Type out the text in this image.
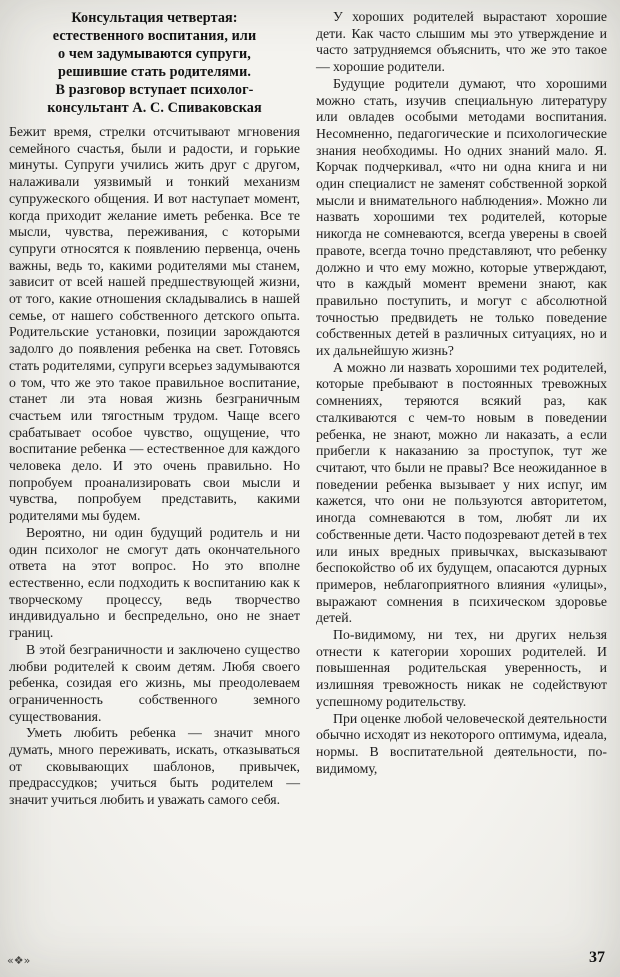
Консультация четвертая:
естественного воспитания, или
о чем задумываются супруги,
решившие стать родителями.
В разговор вступает психолог-
консультант А. С. Спиваковская

Бежит время, стрелки отсчитывают мгновения семейного счастья, были и радости, и горькие минуты. Супруги учились жить друг с другом, налаживали уязвимый и тонкий механизм супружеского общения. И вот наступает момент, когда приходит желание иметь ребенка. Все те мысли, чувства, переживания, с которыми супруги относятся к появлению первенца, очень важны, ведь то, какими родителями мы станем, зависит от всей нашей предшествующей жизни, от того, какие отношения складывались в нашей семье, от нашего собственного детского опыта. Родительские установки, позиции зарождаются задолго до появления ребенка на свет. Готовясь стать родителями, супруги всерьез задумываются о том, что же это такое правильное воспитание, станет ли эта новая жизнь безграничным счастьем или тягостным трудом. Чаще всего срабатывает особое чувство, ощущение, что воспитание ребенка — естественное для каждого человека дело. И это очень правильно. Но попробуем проанализировать свои мысли и чувства, попробуем представить, какими родителями мы будем.

Вероятно, ни один будущий родитель и ни один психолог не смогут дать окончательного ответа на этот вопрос. Но это вполне естественно, если подходить к воспитанию как к творческому процессу, ведь творчество индивидуально и беспредельно, оно не знает границ.

В этой безграничности и заключено существо любви родителей к своим детям. Любя своего ребенка, созидая его жизнь, мы преодолеваем ограниченность собственного земного существования.

Уметь любить ребенка — значит много думать, много переживать, искать, отказываться от сковывающих шаблонов, привычек, предрассудков; учиться быть родителем — значит учиться любить и уважать самого себя.

У хороших родителей вырастают хорошие дети. Как часто слышим мы это утверждение и часто затрудняемся объяснить, что же это такое — хорошие родители.

Будущие родители думают, что хорошими можно стать, изучив специальную литературу или овладев особыми методами воспитания. Несомненно, педагогические и психологические знания необходимы. Но одних знаний мало. Я. Корчак подчеркивал, «что ни одна книга и ни один специалист не заменят собственной зоркой мысли и внимательного наблюдения». Можно ли назвать хорошими тех родителей, которые никогда не сомневаются, всегда уверены в своей правоте, всегда точно представляют, что ребенку должно и что ему можно, которые утверждают, что в каждый момент времени знают, как правильно поступить, и могут с абсолютной точностью предвидеть не только поведение собственных детей в различных ситуациях, но и их дальнейшую жизнь?

А можно ли назвать хорошими тех родителей, которые пребывают в постоянных тревожных сомнениях, теряются всякий раз, как сталкиваются с чем-то новым в поведении ребенка, не знают, можно ли наказать, а если прибегли к наказанию за проступок, тут же считают, что были не правы? Все неожиданное в поведении ребенка вызывает у них испуг, им кажется, что они не пользуются авторитетом, иногда сомневаются в том, любят ли их собственные дети. Часто подозревают детей в тех или иных вредных привычках, высказывают беспокойство об их будущем, опасаются дурных примеров, неблагоприятного влияния «улицы», выражают сомнения в психическом здоровье детей.

По-видимому, ни тех, ни других нельзя отнести к категории хороших родителей. И повышенная родительская уверенность, и излишняя тревожность никак не содействуют успешному родительству.

При оценке любой человеческой деятельности обычно исходят из некоторого оптимума, идеала, нормы. В воспитательной деятельности, по-видимому,

«❖»	37
